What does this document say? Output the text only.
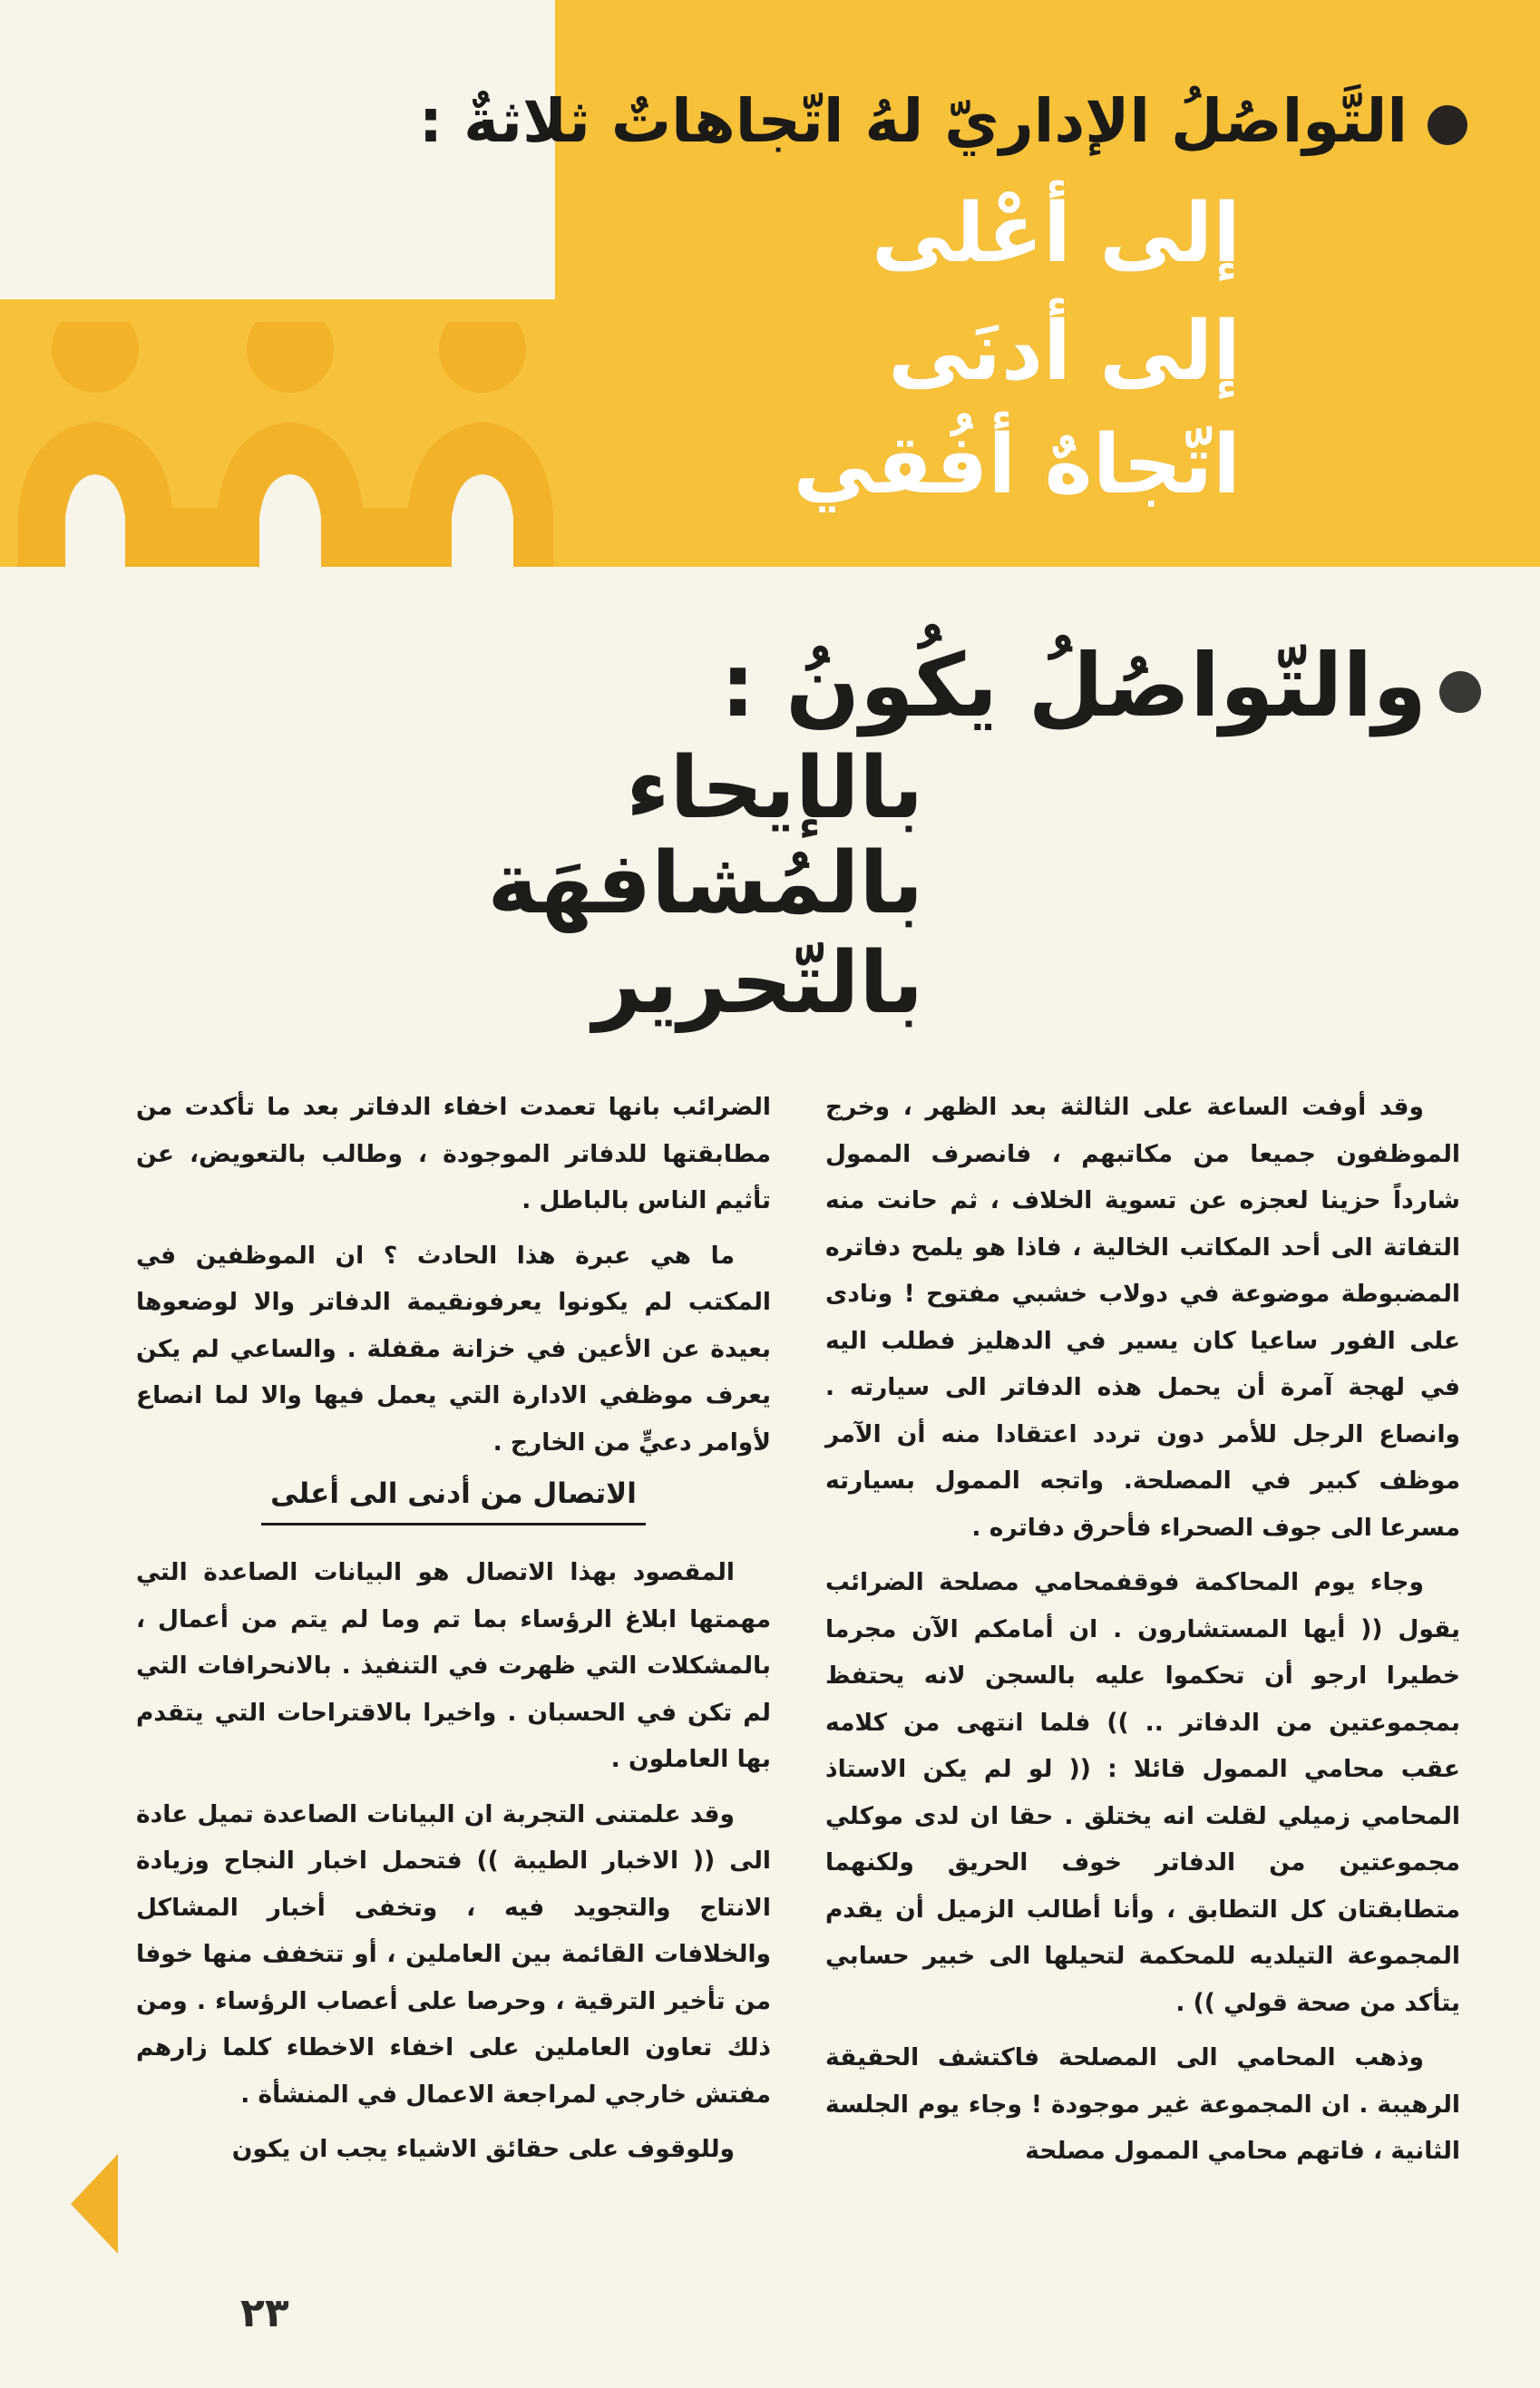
التَّواصُلُ الإداريّ لهُ اتّجاهاتٌ ثلاثةٌ :
إلى أعْلى
إلى أدنَى
اتّجاهٌ أفُقي
والتّواصُلُ يكُونُ :
بالإيحاء
بالمُشافهَة
بالتّحرير

وقد أوفت الساعة على الثالثة بعد الظهر ، وخرج الموظفون جميعا من مكاتبهم ، فانصرف الممول شارداً حزينا لعجزه عن تسوية الخلاف ، ثم حانت منه التفاتة الى أحد المكاتب الخالية ، فاذا هو يلمح دفاتره المضبوطة موضوعة في دولاب خشبي مفتوح ! ونادى على الفور ساعيا كان يسير في الدهليز فطلب اليه في لهجة آمرة أن يحمل هذه الدفاتر الى سيارته . وانصاع الرجل للأمر دون تردد اعتقادا منه أن الآمر موظف كبير في المصلحة. واتجه الممول بسيارته مسرعا الى جوف الصحراء فأحرق دفاتره .

وجاء يوم المحاكمة فوقفمحامي مصلحة الضرائب يقول (( أيها المستشارون . ان أمامكم الآن مجرما خطيرا ارجو أن تحكموا عليه بالسجن لانه يحتفظ بمجموعتين من الدفاتر .. )) فلما انتهى من كلامه عقب محامي الممول قائلا : (( لو لم يكن الاستاذ المحامي زميلي لقلت انه يختلق . حقا ان لدى موكلي مجموعتين من الدفاتر خوف الحريق ولكنهما متطابقتان كل التطابق ، وأنا أطالب الزميل أن يقدم المجموعة التيلديه للمحكمة لتحيلها الى خبير حسابي يتأكد من صحة قولي )) .

وذهب المحامي الى المصلحة فاكتشف الحقيقة الرهيبة . ان المجموعة غير موجودة ! وجاء يوم الجلسة الثانية ، فاتهم محامي الممول مصلحة

الضرائب بانها تعمدت اخفاء الدفاتر بعد ما تأكدت من مطابقتها للدفاتر الموجودة ، وطالب بالتعويض، عن تأثيم الناس بالباطل .

ما هي عبرة هذا الحادث ؟ ان الموظفين في المكتب لم يكونوا يعرفونقيمة الدفاتر والا لوضعوها بعيدة عن الأعين في خزانة مقفلة . والساعي لم يكن يعرف موظفي الادارة التي يعمل فيها والا لما انصاع لأوامر دعيٍّ من الخارج .

الاتصال من أدنى الى أعلى

المقصود بهذا الاتصال هو البيانات الصاعدة التي مهمتها ابلاغ الرؤساء بما تم وما لم يتم من أعمال ، بالمشكلات التي ظهرت في التنفيذ . بالانحرافات التي لم تكن في الحسبان . واخيرا بالاقتراحات التي يتقدم بها العاملون .

وقد علمتنى التجربة ان البيانات الصاعدة تميل عادة الى (( الاخبار الطيبة )) فتحمل اخبار النجاح وزيادة الانتاج والتجويد فيه ، وتخفى أخبار المشاكل والخلافات القائمة بين العاملين ، أو تتخفف منها خوفا من تأخير الترقية ، وحرصا على أعصاب الرؤساء . ومن ذلك تعاون العاملين على اخفاء الاخطاء كلما زارهم مفتش خارجي لمراجعة الاعمال في المنشأة .

وللوقوف على حقائق الاشياء يجب ان يكون

٢٣
